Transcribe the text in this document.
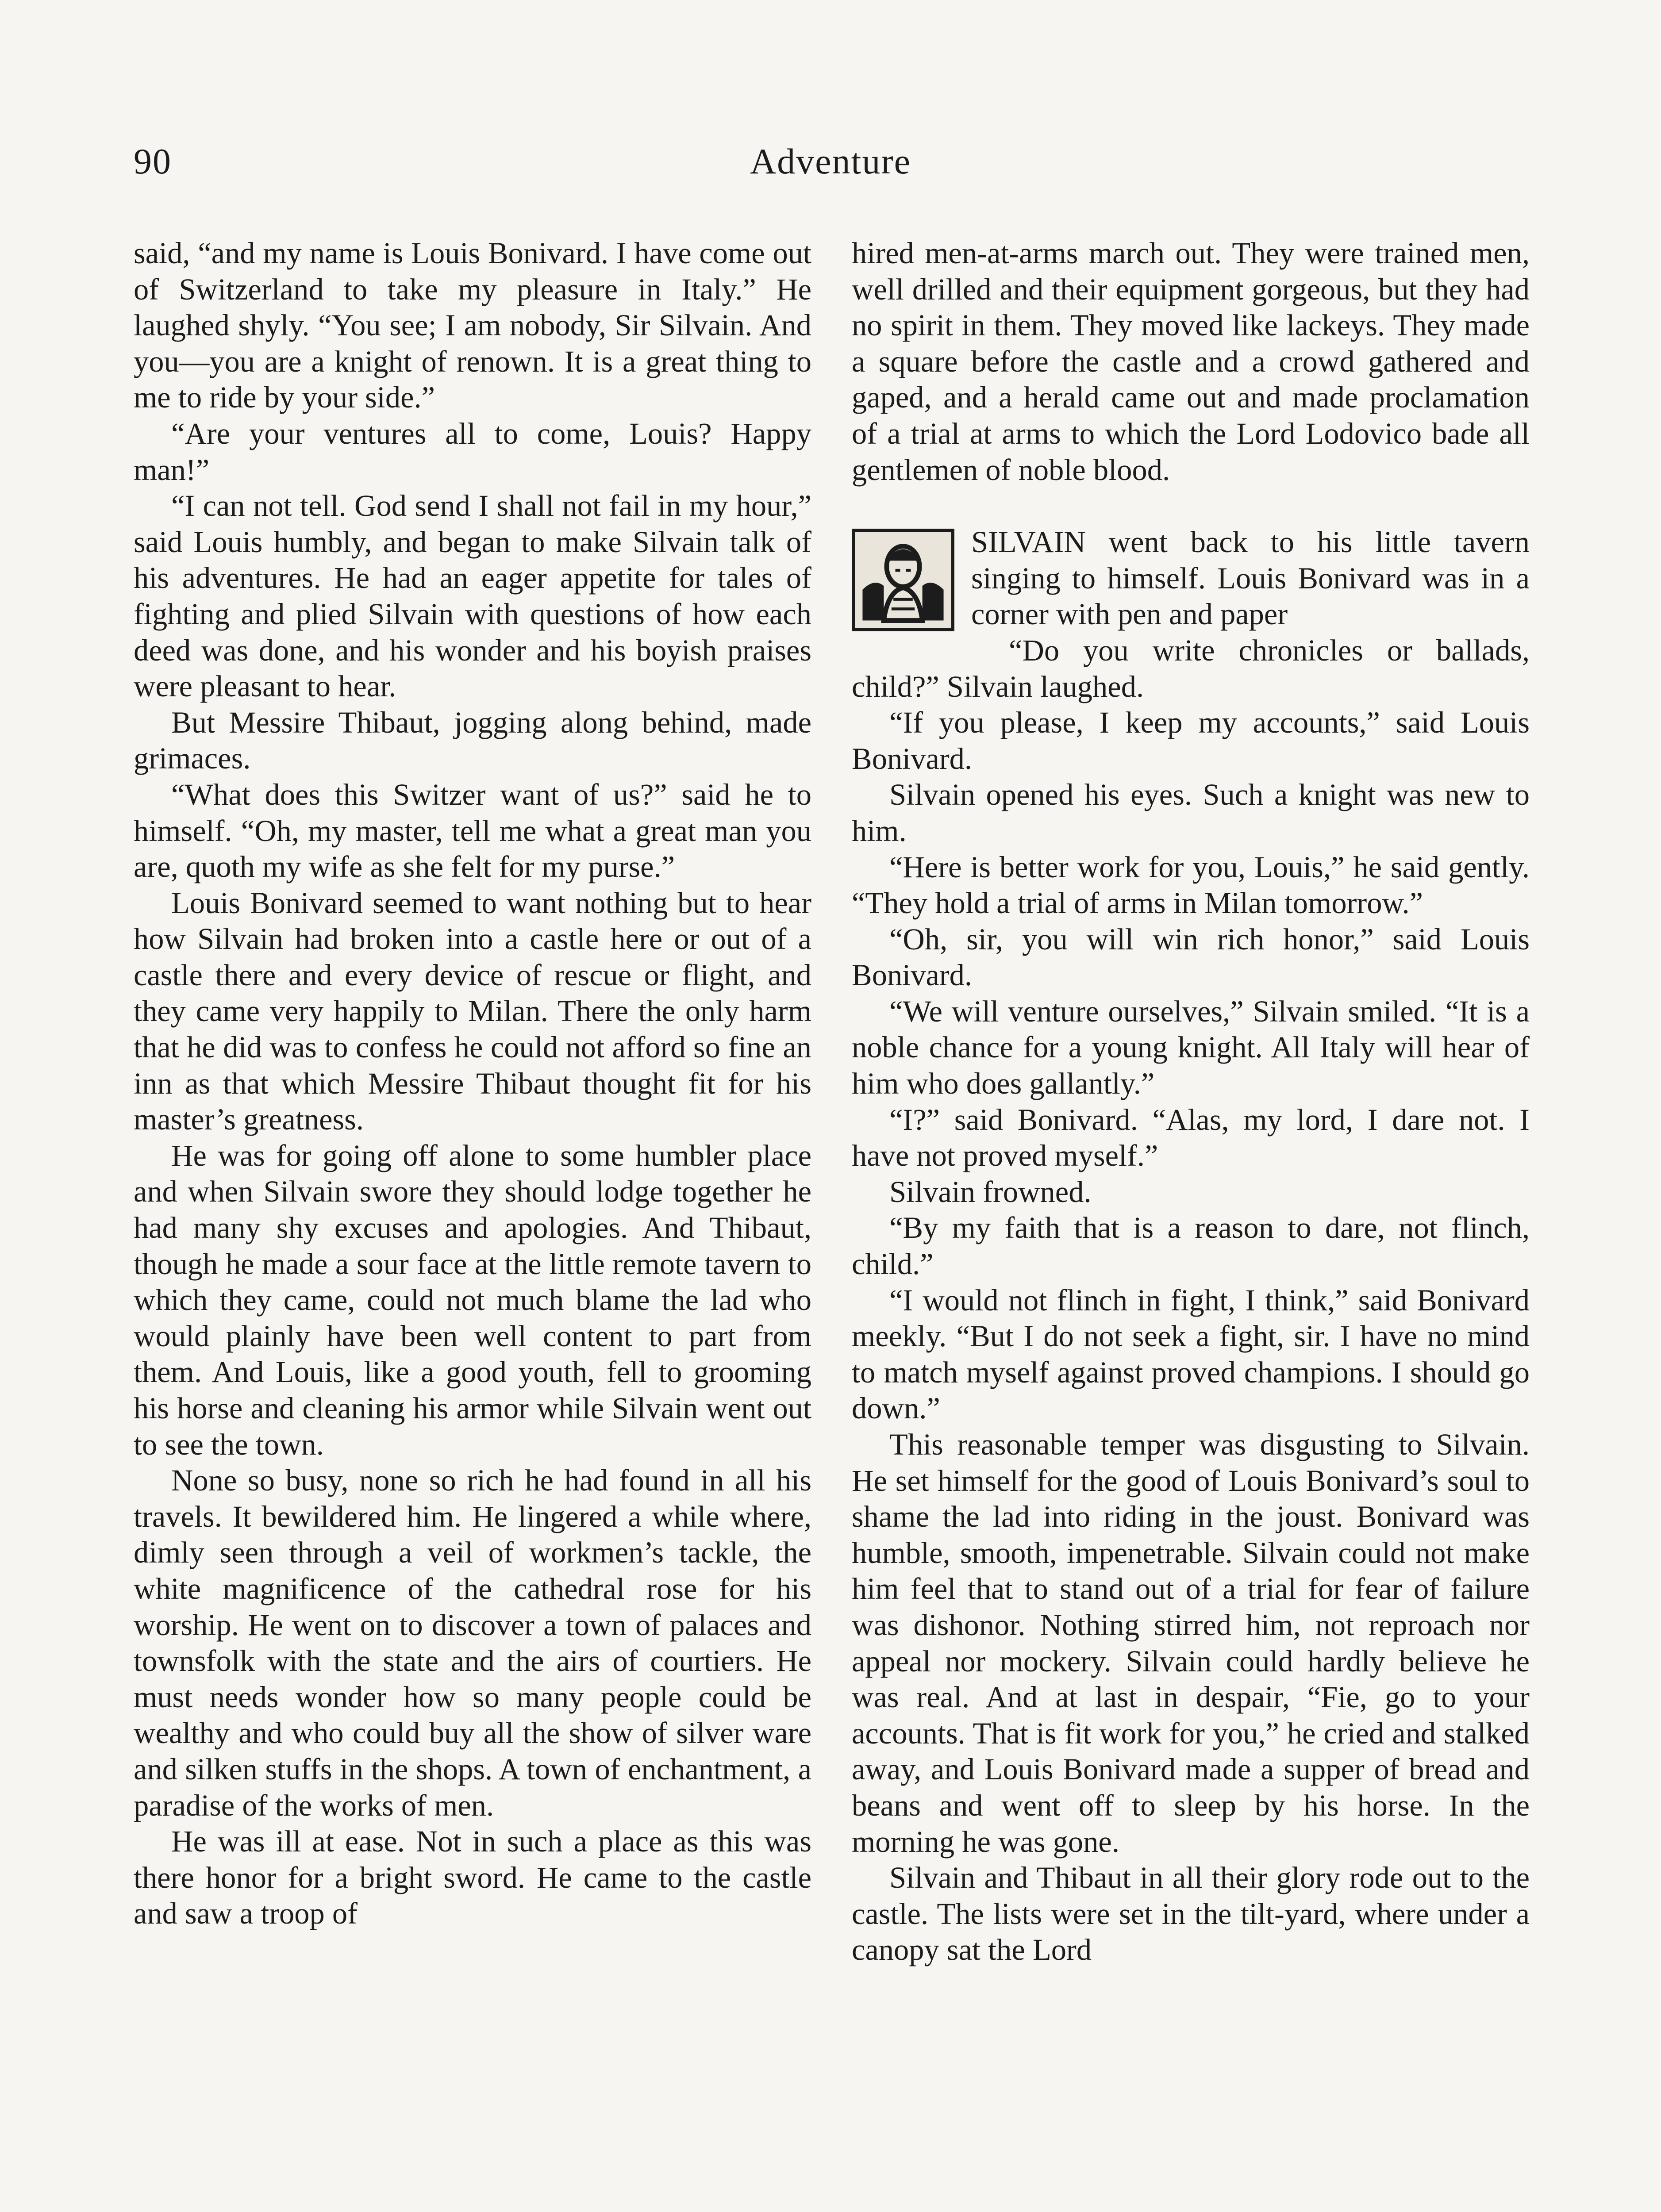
90	Adventure

said, “and my name is Louis Bonivard. I have come out of Switzerland to take my pleasure in Italy.” He laughed shyly. “You see; I am nobody, Sir Silvain. And you—you are a knight of renown. It is a great thing to me to ride by your side.”

“Are your ventures all to come, Louis? Happy man!”

“I can not tell. God send I shall not fail in my hour,” said Louis humbly, and began to make Silvain talk of his adventures. He had an eager appetite for tales of fighting and plied Silvain with questions of how each deed was done, and his wonder and his boyish praises were pleasant to hear.

But Messire Thibaut, jogging along behind, made grimaces.

“What does this Switzer want of us?” said he to himself. “Oh, my master, tell me what a great man you are, quoth my wife as she felt for my purse.”

Louis Bonivard seemed to want nothing but to hear how Silvain had broken into a castle here or out of a castle there and every device of rescue or flight, and they came very happily to Milan. There the only harm that he did was to confess he could not afford so fine an inn as that which Messire Thibaut thought fit for his master’s greatness.

He was for going off alone to some humbler place and when Silvain swore they should lodge together he had many shy excuses and apologies. And Thibaut, though he made a sour face at the little remote tavern to which they came, could not much blame the lad who would plainly have been well content to part from them. And Louis, like a good youth, fell to grooming his horse and cleaning his armor while Silvain went out to see the town.

None so busy, none so rich he had found in all his travels. It bewildered him. He lingered a while where, dimly seen through a veil of workmen’s tackle, the white magnificence of the cathedral rose for his worship. He went on to discover a town of palaces and townsfolk with the state and the airs of courtiers. He must needs wonder how so many people could be wealthy and who could buy all the show of silver ware and silken stuffs in the shops. A town of enchantment, a paradise of the works of men.

He was ill at ease. Not in such a place as this was there honor for a bright sword. He came to the castle and saw a troop of

hired men-at-arms march out. They were trained men, well drilled and their equipment gorgeous, but they had no spirit in them. They moved like lackeys. They made a square before the castle and a crowd gathered and gaped, and a herald came out and made proclamation of a trial at arms to which the Lord Lodovico bade all gentlemen of noble blood.

SILVAIN went back to his little tavern singing to himself. Louis Bonivard was in a corner with pen and paper

“Do you write chronicles or ballads, child?” Silvain laughed.

“If you please, I keep my accounts,” said Louis Bonivard.

Silvain opened his eyes. Such a knight was new to him.

“Here is better work for you, Louis,” he said gently. “They hold a trial of arms in Milan tomorrow.”

“Oh, sir, you will win rich honor,” said Louis Bonivard.

“We will venture ourselves,” Silvain smiled. “It is a noble chance for a young knight. All Italy will hear of him who does gallantly.”

“I?” said Bonivard. “Alas, my lord, I dare not. I have not proved myself.”

Silvain frowned.

“By my faith that is a reason to dare, not flinch, child.”

“I would not flinch in fight, I think,” said Bonivard meekly. “But I do not seek a fight, sir. I have no mind to match myself against proved champions. I should go down.”

This reasonable temper was disgusting to Silvain. He set himself for the good of Louis Bonivard’s soul to shame the lad into riding in the joust. Bonivard was humble, smooth, impenetrable. Silvain could not make him feel that to stand out of a trial for fear of failure was dishonor. Nothing stirred him, not reproach nor appeal nor mockery. Silvain could hardly believe he was real. And at last in despair, “Fie, go to your accounts. That is fit work for you,” he cried and stalked away, and Louis Bonivard made a supper of bread and beans and went off to sleep by his horse. In the morning he was gone.

Silvain and Thibaut in all their glory rode out to the castle. The lists were set in the tilt-yard, where under a canopy sat the Lord
